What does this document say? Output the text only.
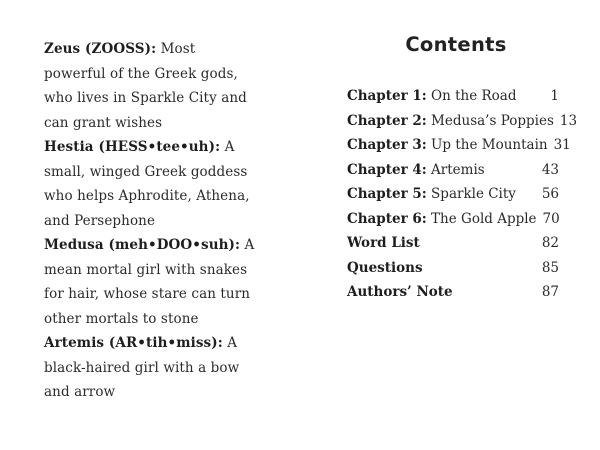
Zeus (ZOOSS): Most powerful of the Greek gods, who lives in Sparkle City and can grant wishes
Hestia (HESS•tee•uh): A small, winged Greek goddess who helps Aphrodite, Athena, and Persephone
Medusa (meh•DOO•suh): A mean mortal girl with snakes for hair, whose stare can turn other mortals to stone
Artemis (AR•tih•miss): A black-haired girl with a bow and arrow
Contents
Chapter 1: On the Road	1
Chapter 2: Medusa’s Poppies 13
Chapter 3: Up the Mountain 31
Chapter 4: Artemis	43
Chapter 5: Sparkle City 56
Chapter 6: The Gold Apple 70
Word List	82
Questions	85
Authors’ Note	87
